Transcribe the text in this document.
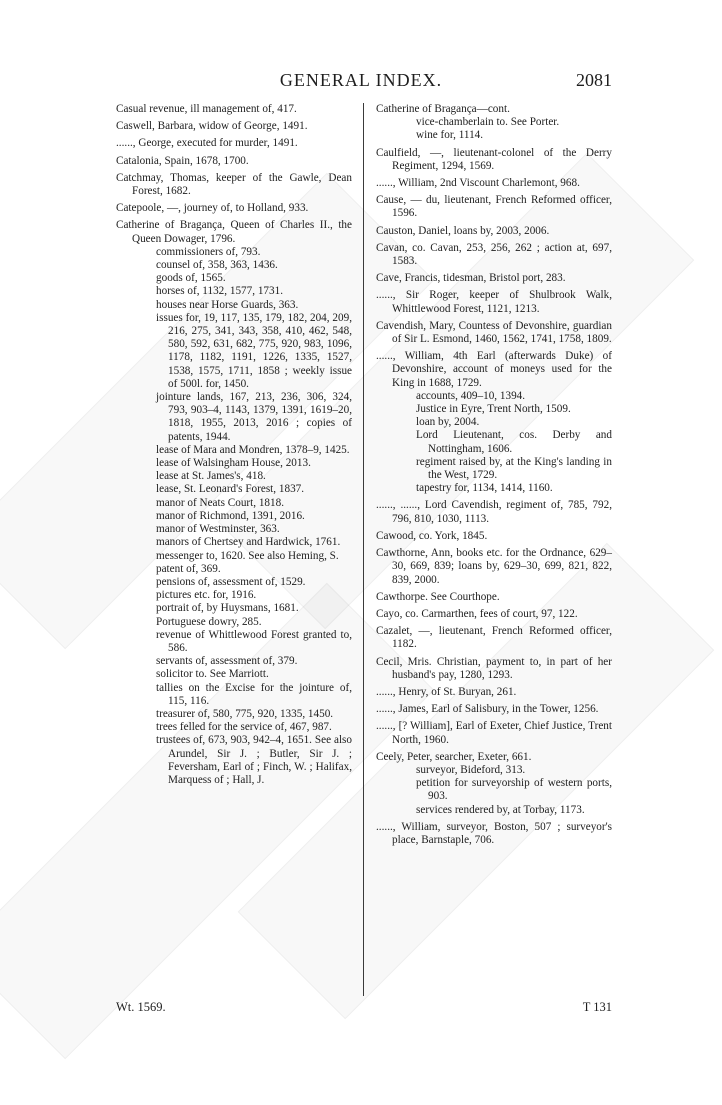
GENERAL INDEX.	2081
Casual revenue, ill management of, 417.
Caswell, Barbara, widow of George, 1491.
......, George, executed for murder, 1491.
Catalonia, Spain, 1678, 1700.
Catchmay, Thomas, keeper of the Gawle, Dean Forest, 1682.
Catepoole, —, journey of, to Holland, 933.
Catherine of Bragança, Queen of Charles II., the Queen Dowager, 1796.
commissioners of, 793.
counsel of, 358, 363, 1436.
goods of, 1565.
horses of, 1132, 1577, 1731.
houses near Horse Guards, 363.
issues for, 19, 117, 135, 179, 182, 204, 209, 216, 275, 341, 343, 358, 410, 462, 548, 580, 592, 631, 682, 775, 920, 983, 1096, 1178, 1182, 1191, 1226, 1335, 1527, 1538, 1575, 1711, 1858 ; weekly issue of 500l. for, 1450.
jointure lands, 167, 213, 236, 306, 324, 793, 903–4, 1143, 1379, 1391, 1619–20, 1818, 1955, 2013, 2016 ; copies of patents, 1944.
lease of Mara and Mondren, 1378–9, 1425.
lease of Walsingham House, 2013.
lease at St. James's, 418.
lease, St. Leonard's Forest, 1837.
manor of Neats Court, 1818.
manor of Richmond, 1391, 2016.
manor of Westminster, 363.
manors of Chertsey and Hardwick, 1761.
messenger to, 1620. See also Heming, S.
patent of, 369.
pensions of, assessment of, 1529.
pictures etc. for, 1916.
portrait of, by Huysmans, 1681.
Portuguese dowry, 285.
revenue of Whittlewood Forest granted to, 586.
servants of, assessment of, 379.
solicitor to. See Marriott.
tallies on the Excise for the jointure of, 115, 116.
treasurer of, 580, 775, 920, 1335, 1450.
trees felled for the service of, 467, 987.
trustees of, 673, 903, 942–4, 1651. See also Arundel, Sir J. ; Butler, Sir J. ; Feversham, Earl of ; Finch, W. ; Halifax, Marquess of ; Hall, J.
Catherine of Bragança—cont.
vice-chamberlain to. See Porter.
wine for, 1114.
Caulfield, —, lieutenant-colonel of the Derry Regiment, 1294, 1569.
......, William, 2nd Viscount Charlemont, 968.
Cause, — du, lieutenant, French Reformed officer, 1596.
Causton, Daniel, loans by, 2003, 2006.
Cavan, co. Cavan, 253, 256, 262 ; action at, 697, 1583.
Cave, Francis, tidesman, Bristol port, 283.
......, Sir Roger, keeper of Shulbrook Walk, Whittlewood Forest, 1121, 1213.
Cavendish, Mary, Countess of Devonshire, guardian of Sir L. Esmond, 1460, 1562, 1741, 1758, 1809.
......, William, 4th Earl (afterwards Duke) of Devonshire, account of moneys used for the King in 1688, 1729.
accounts, 409–10, 1394.
Justice in Eyre, Trent North, 1509.
loan by, 2004.
Lord Lieutenant, cos. Derby and Nottingham, 1606.
regiment raised by, at the King's landing in the West, 1729.
tapestry for, 1134, 1414, 1160.
......, ......, Lord Cavendish, regiment of, 785, 792, 796, 810, 1030, 1113.
Cawood, co. York, 1845.
Cawthorne, Ann, books etc. for the Ordnance, 629–30, 669, 839; loans by, 629–30, 699, 821, 822, 839, 2000.
Cawthorpe. See Courthope.
Cayo, co. Carmarthen, fees of court, 97, 122.
Cazalet, —, lieutenant, French Reformed officer, 1182.
Cecil, Mris. Christian, payment to, in part of her husband's pay, 1280, 1293.
......, Henry, of St. Buryan, 261.
......, James, Earl of Salisbury, in the Tower, 1256.
......, [? William], Earl of Exeter, Chief Justice, Trent North, 1960.
Ceely, Peter, searcher, Exeter, 661.
surveyor, Bideford, 313.
petition for surveyorship of western ports, 903.
services rendered by, at Torbay, 1173.
......, William, surveyor, Boston, 507 ; surveyor's place, Barnstaple, 706.
Wt. 1569.	T 131
